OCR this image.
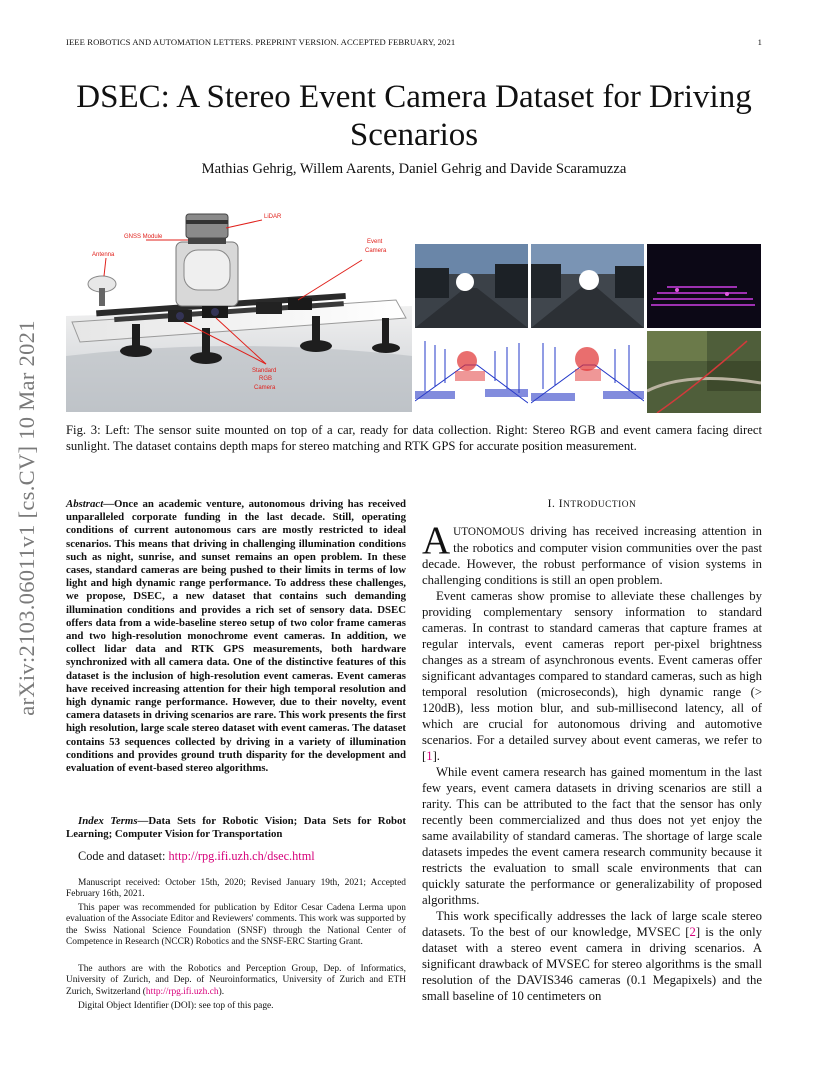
IEEE ROBOTICS AND AUTOMATION LETTERS. PREPRINT VERSION. ACCEPTED FEBRUARY, 2021	1
DSEC: A Stereo Event Camera Dataset for Driving
Scenarios
Mathias Gehrig, Willem Aarents, Daniel Gehrig and Davide Scaramuzza
arXiv:2103.06011v1 [cs.CV] 10 Mar 2021
LiDAR
GNSS Module
Antenna
Event
Camera
Standard
RGB
Camera
Fig. 3: Left: The sensor suite mounted on top of a car, ready for data collection. Right: Stereo RGB and event camera facing direct sunlight. The dataset contains depth maps for stereo matching and RTK GPS for accurate position measurement.
Abstract—Once an academic venture, autonomous driving has received unparalleled corporate funding in the last decade. Still, operating conditions of current autonomous cars are mostly restricted to ideal scenarios. This means that driving in challenging illumination conditions such as night, sunrise, and sunset remains an open problem. In these cases, standard cameras are being pushed to their limits in terms of low light and high dynamic range performance. To address these challenges, we propose, DSEC, a new dataset that contains such demanding illumination conditions and provides a rich set of sensory data. DSEC offers data from a wide-baseline stereo setup of two color frame cameras and two high-resolution monochrome event cameras. In addition, we collect lidar data and RTK GPS measurements, both hardware synchronized with all camera data. One of the distinctive features of this dataset is the inclusion of high-resolution event cameras. Event cameras have received increasing attention for their high temporal resolution and high dynamic range performance. However, due to their novelty, event camera datasets in driving scenarios are rare. This work presents the first high resolution, large scale stereo dataset with event cameras. The dataset contains 53 sequences collected by driving in a variety of illumination conditions and provides ground truth disparity for the development and evaluation of event-based stereo algorithms.
Index Terms—Data Sets for Robotic Vision; Data Sets for Robot Learning; Computer Vision for Transportation
Code and dataset: http://rpg.ifi.uzh.ch/dsec.html
Manuscript received: October 15th, 2020; Revised January 19th, 2021; Accepted February 16th, 2021.
This paper was recommended for publication by Editor Cesar Cadena Lerma upon evaluation of the Associate Editor and Reviewers' comments. This work was supported by the Swiss National Science Foundation (SNSF) through the National Center of Competence in Research (NCCR) Robotics and the SNSF-ERC Starting Grant.
The authors are with the Robotics and Perception Group, Dep. of Informatics, University of Zurich, and Dep. of Neuroinformatics, University of Zurich and ETH Zurich, Switzerland (http://rpg.ifi.uzh.ch).
Digital Object Identifier (DOI): see top of this page.
I. INTRODUCTION

AUTONOMOUS driving has received increasing attention in the robotics and computer vision communities over the past decade. However, the robust performance of vision systems in challenging conditions is still an open problem.

Event cameras show promise to alleviate these challenges by providing complementary sensory information to standard cameras. In contrast to standard cameras that capture frames at regular intervals, event cameras report per-pixel brightness changes as a stream of asynchronous events. Event cameras offer significant advantages compared to standard cameras, such as high temporal resolution (microseconds), high dynamic range (> 120dB), less motion blur, and sub-millisecond latency, all of which are crucial for autonomous driving and automotive scenarios. For a detailed survey about event cameras, we refer to [1].

While event camera research has gained momentum in the last few years, event camera datasets in driving scenarios are still a rarity. This can be attributed to the fact that the sensor has only recently been commercialized and thus does not yet enjoy the same availability of standard cameras. The shortage of large scale datasets impedes the event camera research community because it restricts the evaluation to small scale environments that can quickly saturate the performance or generalizability of proposed algorithms.

This work specifically addresses the lack of large scale stereo datasets. To the best of our knowledge, MVSEC [2] is the only dataset with a stereo event camera in driving scenarios. A significant drawback of MVSEC for stereo algorithms is the small resolution of the DAVIS346 cameras (0.1 Megapixels) and the small baseline of 10 centimeters on
